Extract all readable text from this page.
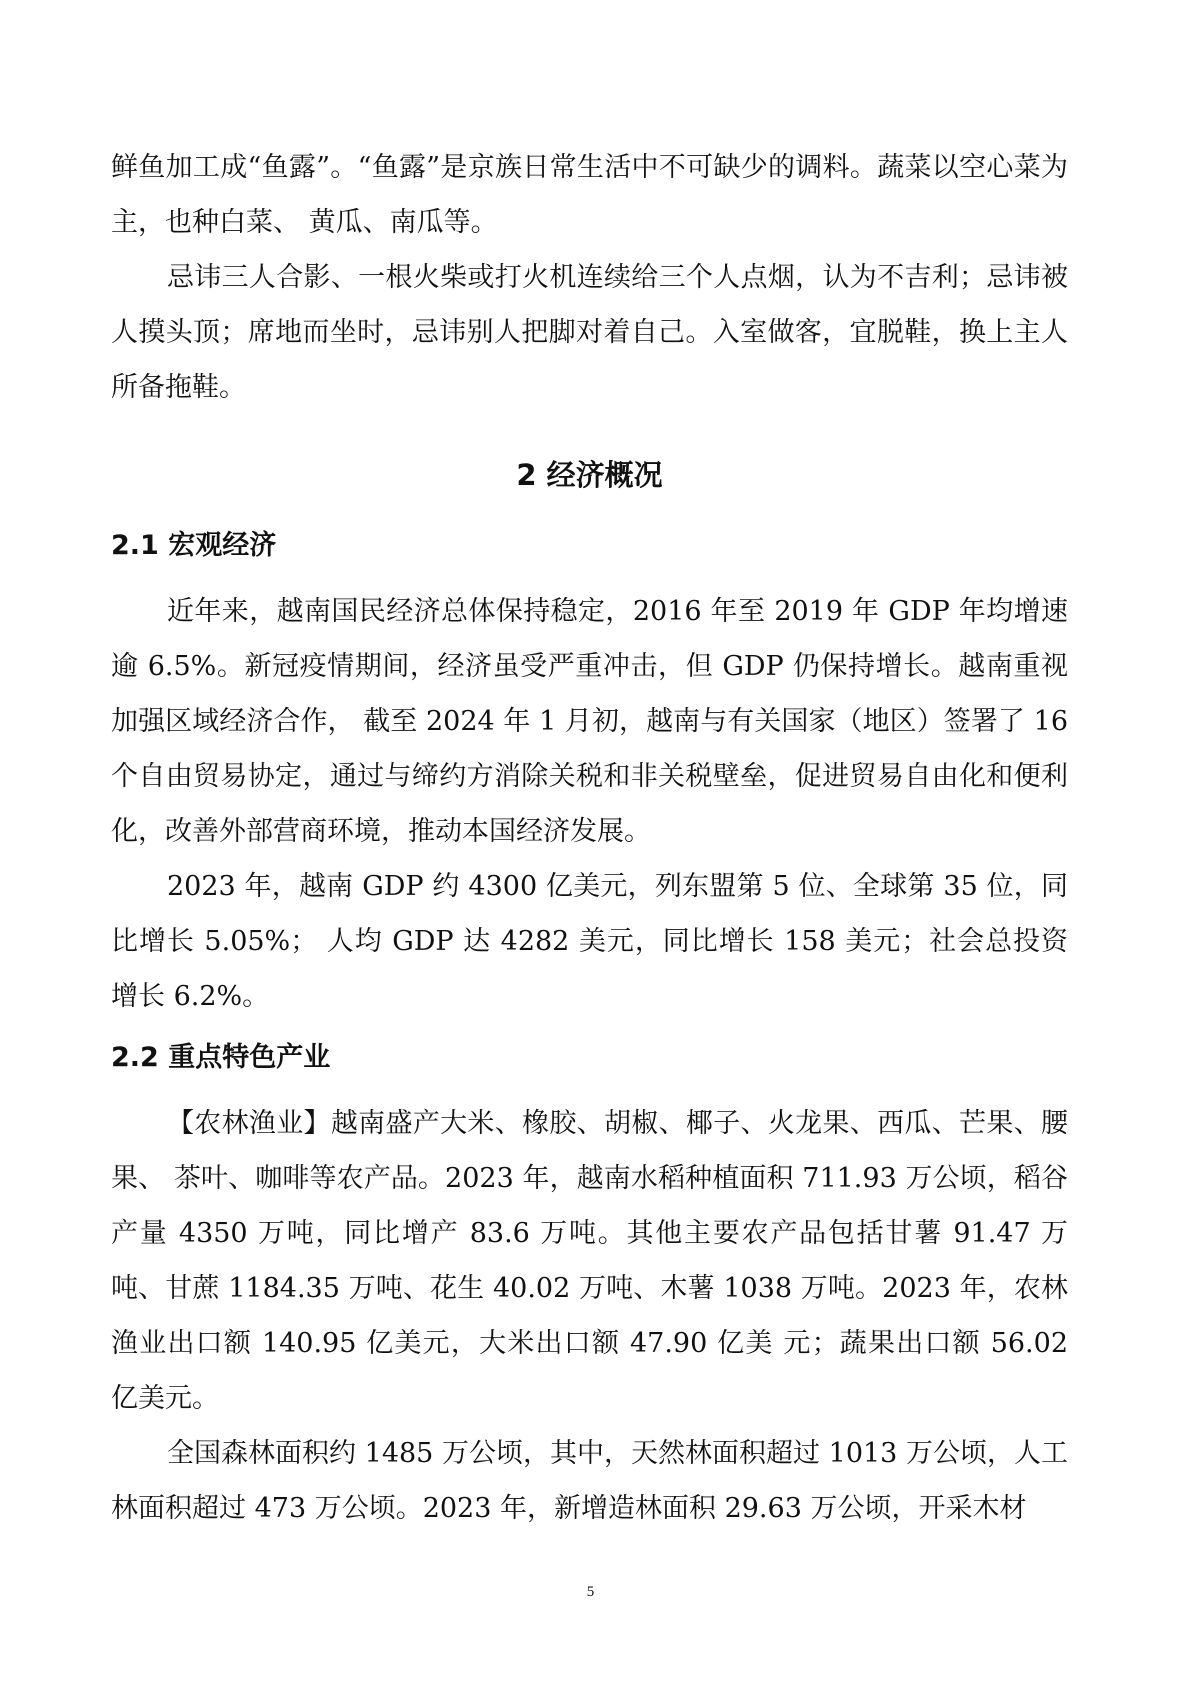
鲜鱼加工成“鱼露”。“鱼露”是京族日常生活中不可缺少的调料。蔬菜以空心菜为主，也种白菜、 黄瓜、南瓜等。

忌讳三人合影、一根火柴或打火机连续给三个人点烟，认为不吉利；忌讳被人摸头顶；席地而坐时，忌讳别人把脚对着自己。入室做客，宜脱鞋，换上主人所备拖鞋。

2 经济概况
2.1 宏观经济

近年来，越南国民经济总体保持稳定，2016 年至 2019 年 GDP 年均增速逾 6.5%。新冠疫情期间，经济虽受严重冲击，但 GDP 仍保持增长。越南重视加强区域经济合作， 截至 2024 年 1 月初，越南与有关国家（地区）签署了 16 个自由贸易协定，通过与缔约方消除关税和非关税壁垒，促进贸易自由化和便利化，改善外部营商环境，推动本国经济发展。

2023 年，越南 GDP 约 4300 亿美元，列东盟第 5 位、全球第 35 位，同比增长 5.05%； 人均 GDP 达 4282 美元，同比增长 158 美元；社会总投资增长 6.2%。

2.2 重点特色产业

【农林渔业】越南盛产大米、橡胶、胡椒、椰子、火龙果、西瓜、芒果、腰果、 茶叶、咖啡等农产品。2023 年，越南水稻种植面积 711.93 万公顷，稻谷产量 4350 万吨，同比增产 83.6 万吨。其他主要农产品包括甘薯 91.47 万吨、甘蔗 1184.35 万吨、花生 40.02 万吨、木薯 1038 万吨。2023 年，农林渔业出口额 140.95 亿美元，大米出口额 47.90 亿美 元；蔬果出口额 56.02 亿美元。

全国森林面积约 1485 万公顷，其中，天然林面积超过 1013 万公顷，人工林面积超过 473 万公顷。2023 年，新增造林面积 29.63 万公顷，开采木材

5
